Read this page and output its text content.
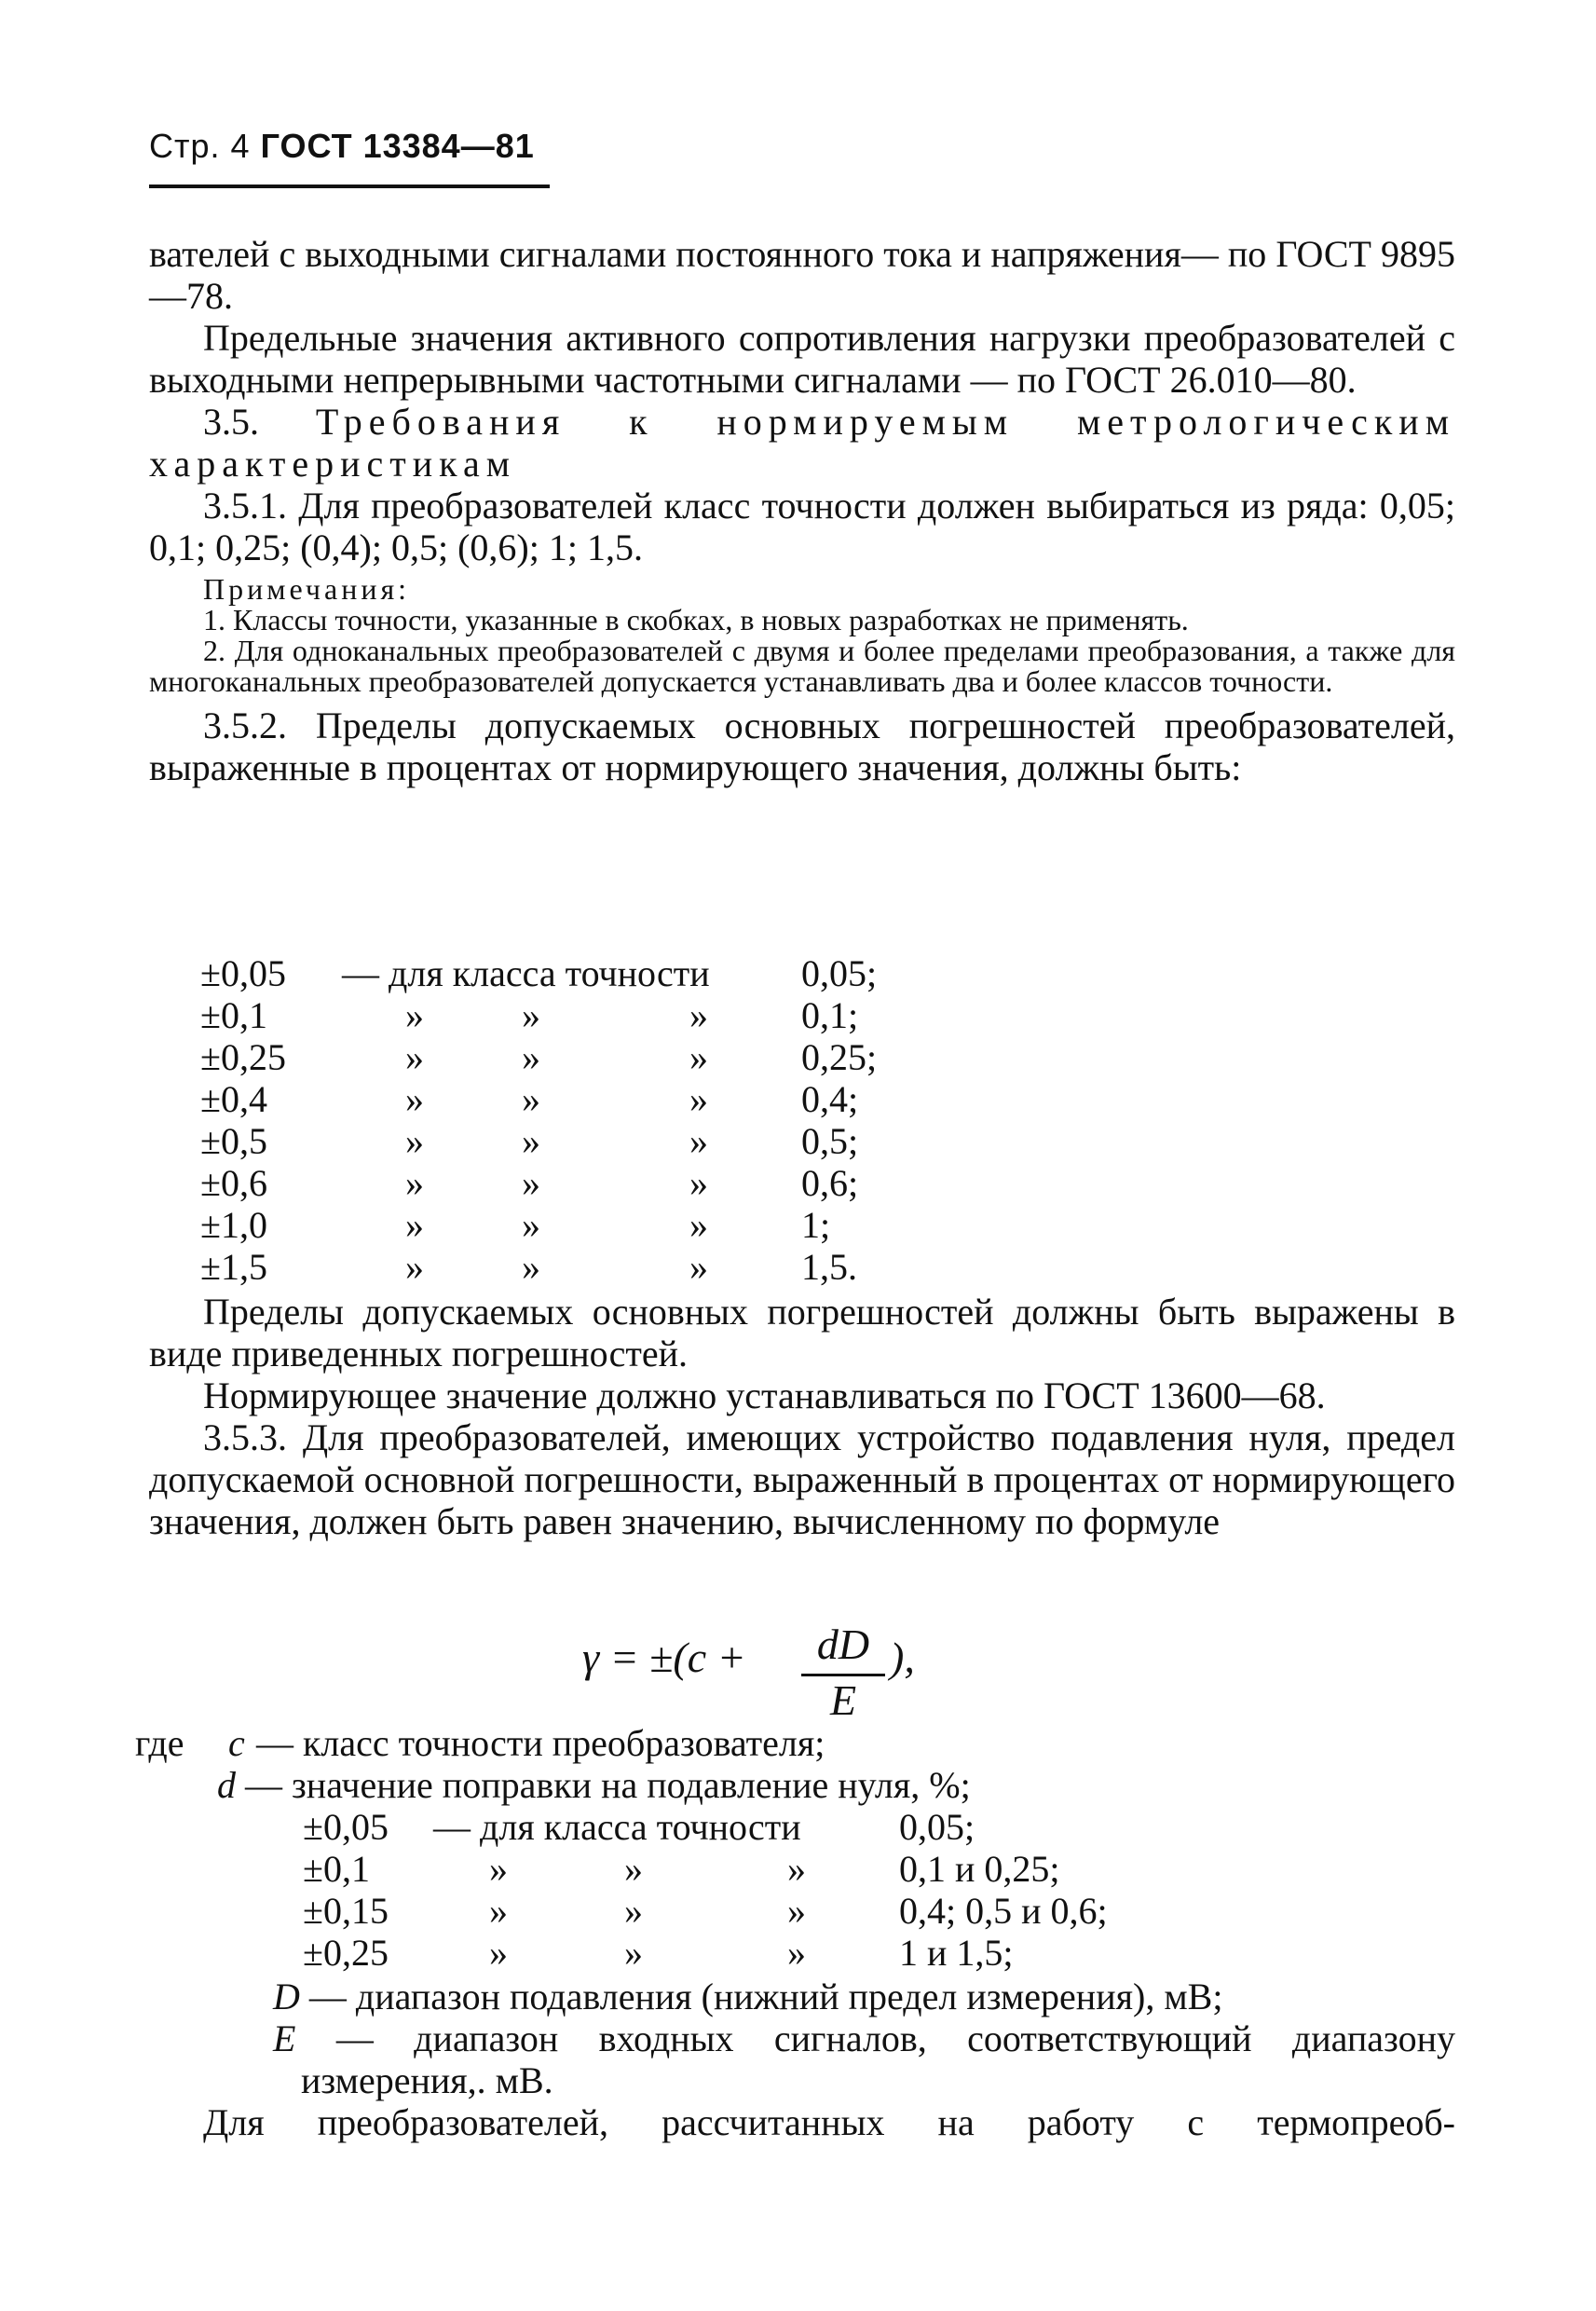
Стр. 4 ГОСТ 13384—81

вателей с выходными сигналами постоянного тока и напряжения— по ГОСТ 9895—78.

Предельные значения активного сопротивления нагрузки преобразователей с выходными непрерывными частотными сигналами — по ГОСТ 26.010—80.

3.5. Требования к нормируемым метрологическим характеристикам

3.5.1. Для преобразователей класс точности должен выбираться из ряда: 0,05; 0,1; 0,25; (0,4); 0,5; (0,6); 1; 1,5.

Примечания:

1. Классы точности, указанные в скобках, в новых разработках не применять.

2. Для одноканальных преобразователей с двумя и более пределами преобразования, а также для многоканальных преобразователей допускается устанавливать два и более классов точности.

3.5.2. Пределы допускаемых основных погрешностей преобразователей, выраженные в процентах от нормирующего значения, должны быть:

±0,05 — для класса точности 0,05;
±0,1	»	»	»	0,1;
±0,25	»	»	»	0,25;
±0,4	»	»	»	0,4;
±0,5	»	»	»	0,5;
±0,6	»	»	»	0,6;
±1,0	»	»	»	1;
±1,5	»	»	»	1,5.

Пределы допускаемых основных погрешностей должны быть выражены в виде приведенных погрешностей.

Нормирующее значение должно устанавливаться по ГОСТ 13600—68.

3.5.3. Для преобразователей, имеющих устройство подавления нуля, предел допускаемой основной погрешности, выраженный в процентах от нормирующего значения, должен быть равен значению, вычисленному по формуле

γ = ±(c +	dD
E
),
где c — класс точности преобразователя;
d — значение поправки на подавление нуля, %;
±0,05 — для класса точности	0,05;
±0,1	»	»	»	0,1 и 0,25;
±0,15	»	»	»	0,4; 0,5 и 0,6;
±0,25	»	»	»	1 и 1,5;
D — диапазон подавления (нижний предел измерения), мВ;
E — диапазон входных сигналов, соответствующий диапазону измерения,. мВ.

Для преобразователей, рассчитанных на работу с термопреоб-
